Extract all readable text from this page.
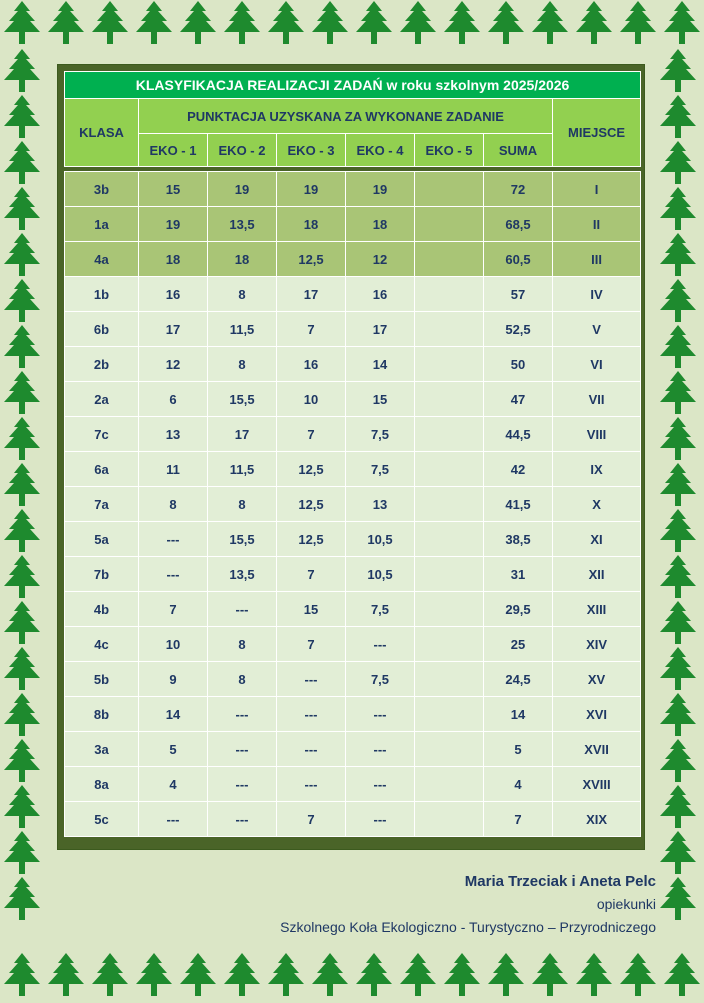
KLASYFIKACJA REALIZACJI ZADAŃ w roku szkolnym 2025/2026							
KLASA	PUNKTACJA UZYSKANA ZA WYKONANE ZADANIE						MIEJSCE
	EKO - 1	EKO - 2	EKO - 3	EKO - 4	EKO - 5	SUMA	

3b	15	19	19	19		72	I
1a	19	13,5	18	18		68,5	II
4a	18	18	12,5	12		60,5	III
1b	16	8	17	16		57	IV
6b	17	11,5	7	17		52,5	V
2b	12	8	16	14		50	VI
2a	6	15,5	10	15		47	VII
7c	13	17	7	7,5		44,5	VIII
6a	11	11,5	12,5	7,5		42	IX
7a	8	8	12,5	13		41,5	X
5a	---	15,5	12,5	10,5		38,5	XI
7b	---	13,5	7	10,5		31	XII
4b	7	---	15	7,5		29,5	XIII
4c	10	8	7	---		25	XIV
5b	9	8	---	7,5		24,5	XV
8b	14	---	---	---		14	XVI
3a	5	---	---	---		5	XVII
8a	4	---	---	---		4	XVIII
5c	---	---	7	---		7	XIX
Maria Trzeciak i Aneta Pelc
opiekunki
Szkolnego Koła Ekologiczno - Turystyczno – Przyrodniczego
